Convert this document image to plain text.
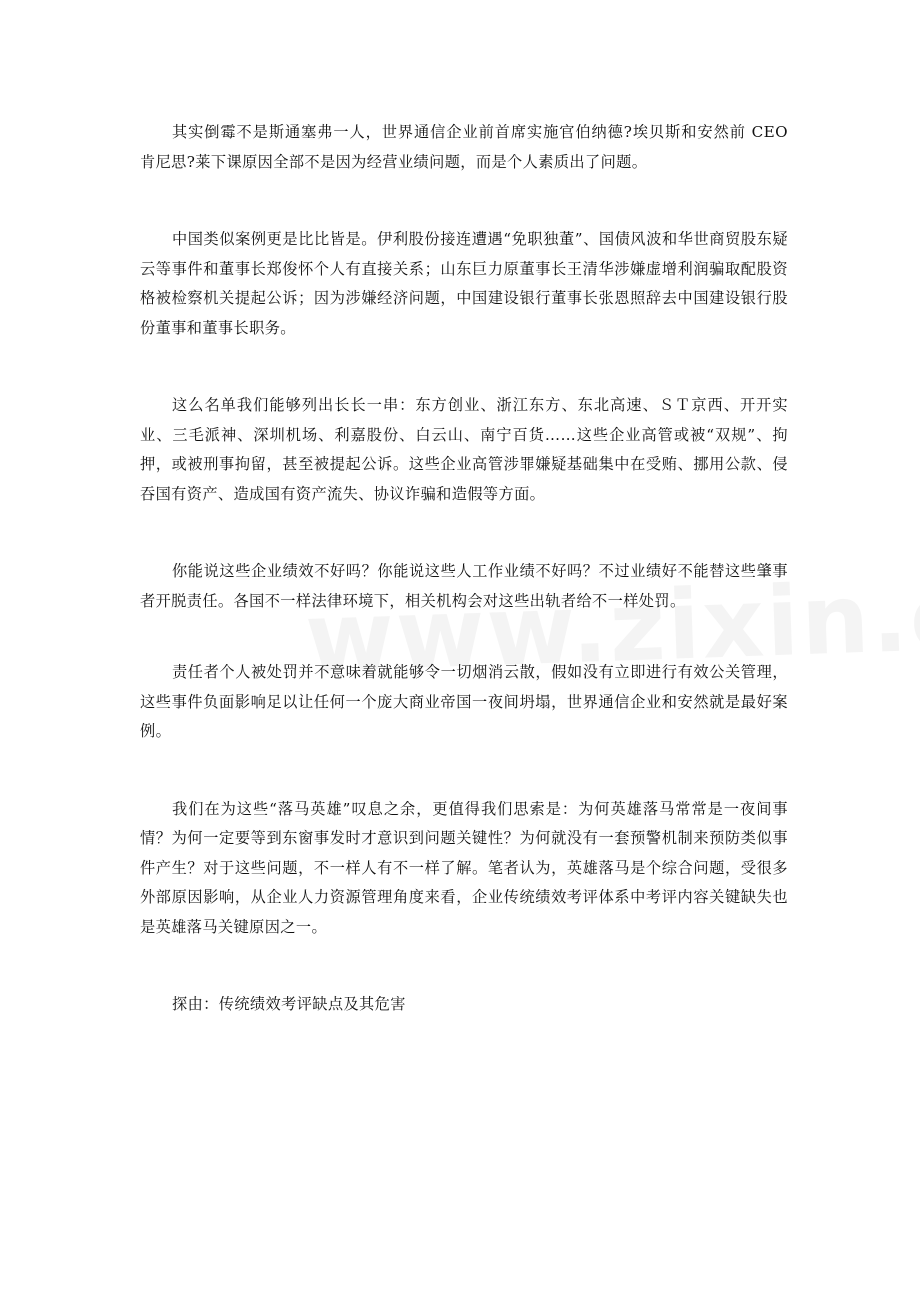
其实倒霉不是斯通塞弗一人，世界通信企业前首席实施官伯纳德?埃贝斯和安然前 CEO 肯尼思?莱下课原因全部不是因为经营业绩问题，而是个人素质出了问题。

中国类似案例更是比比皆是。伊利股份接连遭遇“免职独董”、国债风波和华世商贸股东疑云等事件和董事长郑俊怀个人有直接关系；山东巨力原董事长王清华涉嫌虚增利润骗取配股资格被检察机关提起公诉；因为涉嫌经济问题，中国建设银行董事长张恩照辞去中国建设银行股份董事和董事长职务。

这么名单我们能够列出长长一串：东方创业、浙江东方、东北高速、ＳＴ京西、开开实业、三毛派神、深圳机场、利嘉股份、白云山、南宁百货……这些企业高管或被“双规”、拘押，或被刑事拘留，甚至被提起公诉。这些企业高管涉罪嫌疑基础集中在受贿、挪用公款、侵吞国有资产、造成国有资产流失、协议诈骗和造假等方面。

你能说这些企业绩效不好吗？你能说这些人工作业绩不好吗？不过业绩好不能替这些肇事者开脱责任。各国不一样法律环境下，相关机构会对这些出轨者给不一样处罚。

责任者个人被处罚并不意味着就能够令一切烟消云散，假如没有立即进行有效公关管理，这些事件负面影响足以让任何一个庞大商业帝国一夜间坍塌，世界通信企业和安然就是最好案例。

我们在为这些“落马英雄”叹息之余，更值得我们思索是：为何英雄落马常常是一夜间事情？为何一定要等到东窗事发时才意识到问题关键性？为何就没有一套预警机制来预防类似事件产生？对于这些问题，不一样人有不一样了解。笔者认为，英雄落马是个综合问题，受很多外部原因影响，从企业人力资源管理角度来看，企业传统绩效考评体系中考评内容关键缺失也是英雄落马关键原因之一。

探由：传统绩效考评缺点及其危害
